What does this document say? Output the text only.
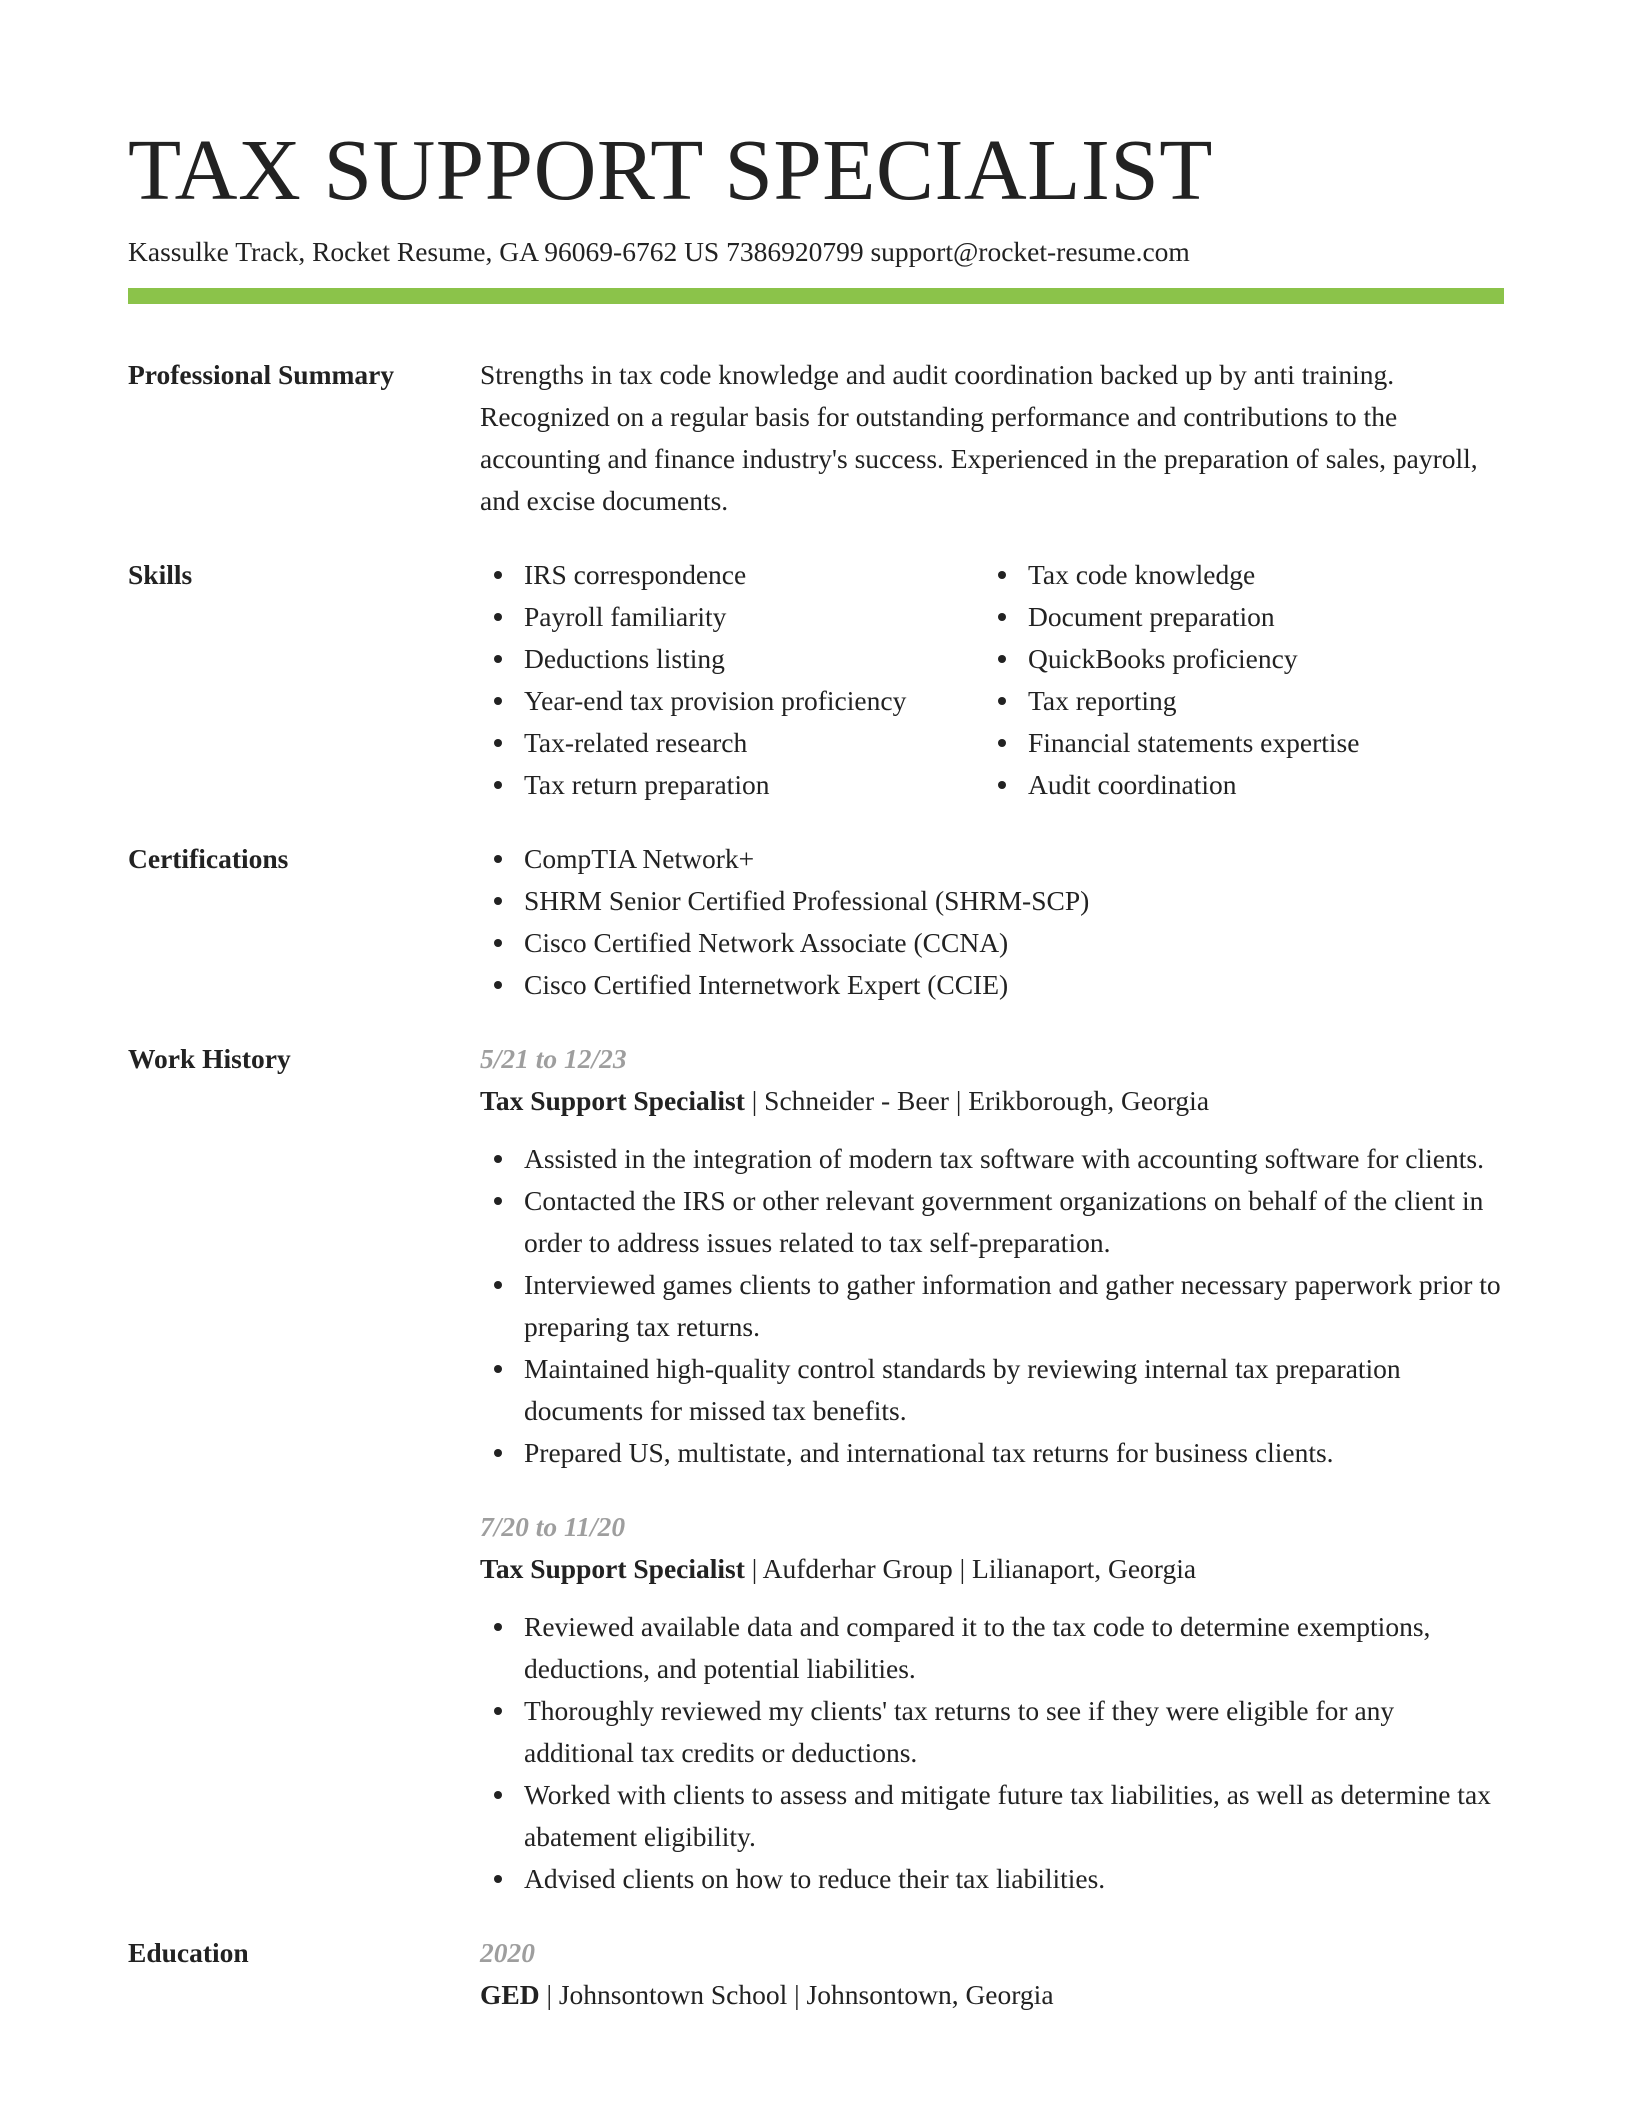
TAX SUPPORT SPECIALIST
Kassulke Track, Rocket Resume, GA 96069-6762 US 7386920799 support@rocket-resume.com
Professional Summary	Strengths in tax code knowledge and audit coordination backed up by anti training. Recognized on a regular basis for outstanding performance and contributions to the accounting and finance industry's success. Experienced in the preparation of sales, payroll, and excise documents.
Skills	IRS correspondence
Payroll familiarity
Deductions listing
Year-end tax provision proficiency
Tax-related research
Tax return preparation
Tax code knowledge
Document preparation
QuickBooks proficiency
Tax reporting
Financial statements expertise
Audit coordination
Certifications	CompTIA Network+
SHRM Senior Certified Professional (SHRM-SCP)
Cisco Certified Network Associate (CCNA)
Cisco Certified Internetwork Expert (CCIE)
Work History	5/21 to 12/23
Tax Support Specialist | Schneider - Beer | Erikborough, Georgia
Assisted in the integration of modern tax software with accounting software for clients.
Contacted the IRS or other relevant government organizations on behalf of the client in order to address issues related to tax self-preparation.
Interviewed games clients to gather information and gather necessary paperwork prior to preparing tax returns.
Maintained high-quality control standards by reviewing internal tax preparation documents for missed tax benefits.
Prepared US, multistate, and international tax returns for business clients.
7/20 to 11/20
Tax Support Specialist | Aufderhar Group | Lilianaport, Georgia
Reviewed available data and compared it to the tax code to determine exemptions, deductions, and potential liabilities.
Thoroughly reviewed my clients' tax returns to see if they were eligible for any additional tax credits or deductions.
Worked with clients to assess and mitigate future tax liabilities, as well as determine tax abatement eligibility.
Advised clients on how to reduce their tax liabilities.
Education	2020
GED | Johnsontown School | Johnsontown, Georgia
